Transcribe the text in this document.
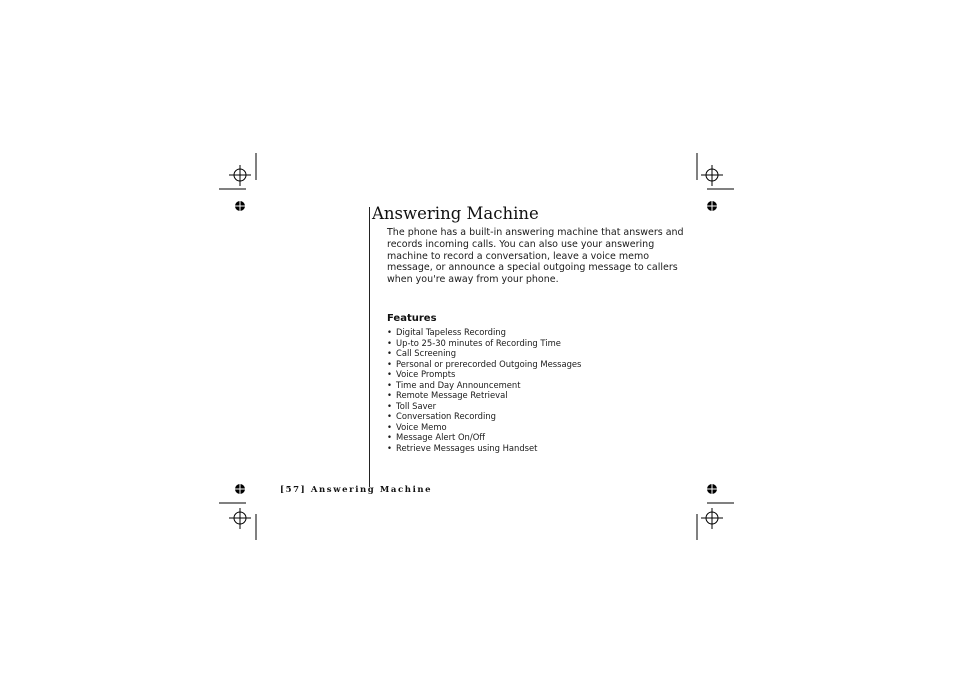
Answering Machine

The phone has a built-in answering machine that answers and records incoming calls. You can also use your answering machine to record a conversation, leave a voice memo message, or announce a special outgoing message to callers when you're away from your phone.

Features
• Digital Tapeless Recording
• Up-to 25-30 minutes of Recording Time
• Call Screening
• Personal or prerecorded Outgoing Messages
• Voice Prompts
• Time and Day Announcement
• Remote Message Retrieval
• Toll Saver
• Conversation Recording
• Voice Memo
• Message Alert On/Off
• Retrieve Messages using Handset
[57] Answering Machine
